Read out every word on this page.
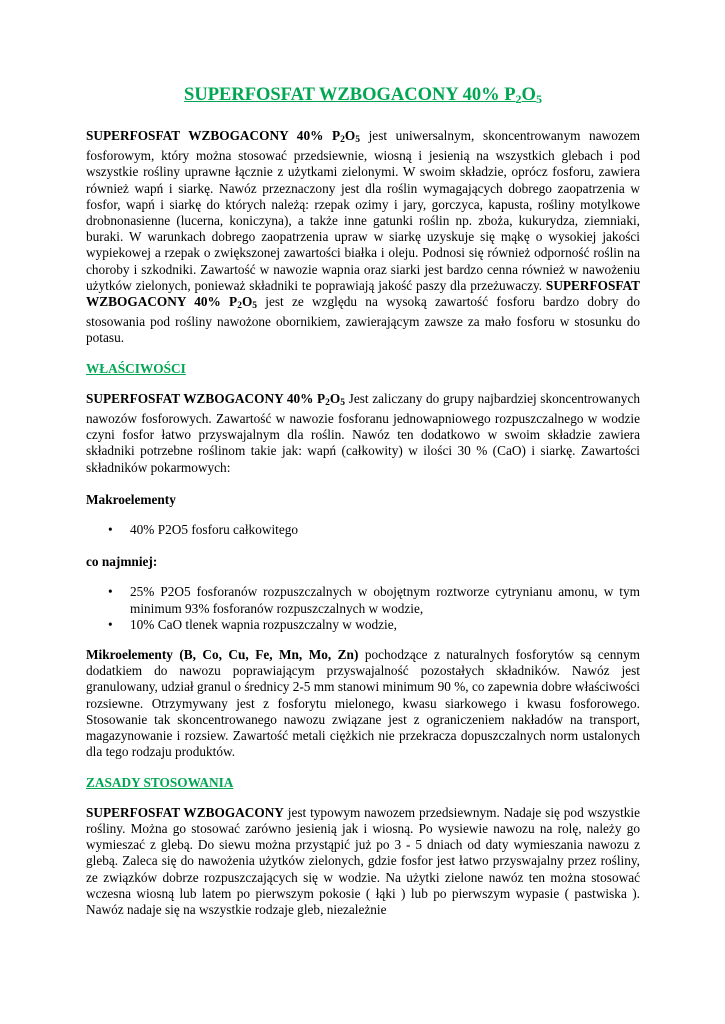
SUPERFOSFAT WZBOGACONY 40% $P_2O_5$

SUPERFOSFAT WZBOGACONY 40% $P_2O_5$ jest uniwersalnym, skoncentrowanym nawozem fosforowym, który można stosować przedsiewnie, wiosną i jesienią na wszystkich glebach i pod wszystkie rośliny uprawne łącznie z użytkami zielonymi. W swoim składzie, oprócz fosforu, zawiera również wapń i siarkę. Nawóz przeznaczony jest dla roślin wymagających dobrego zaopatrzenia w fosfor, wapń i siarkę do których należą: rzepak ozimy i jary, gorczyca, kapusta, rośliny motylkowe drobnonasienne (lucerna, koniczyna), a także inne gatunki roślin np. zboża, kukurydza, ziemniaki, buraki. W warunkach dobrego zaopatrzenia upraw w siarkę uzyskuje się mąkę o wysokiej jakości wypiekowej a rzepak o zwiększonej zawartości białka i oleju. Podnosi się również odporność roślin na choroby i szkodniki. Zawartość w nawozie wapnia oraz siarki jest bardzo cenna również w nawożeniu użytków zielonych, ponieważ składniki te poprawiają jakość paszy dla przeżuwaczy. SUPERFOSFAT WZBOGACONY 40% $P_2O_5$ jest ze względu na wysoką zawartość fosforu bardzo dobry do stosowania pod rośliny nawożone obornikiem, zawierającym zawsze za mało fosforu w stosunku do potasu.

WŁAŚCIWOŚCI

SUPERFOSFAT WZBOGACONY 40% $P_2O_5$ Jest zaliczany do grupy najbardziej skoncentrowanych nawozów fosforowych. Zawartość w nawozie fosforanu jednowapniowego rozpuszczalnego w wodzie czyni fosfor łatwo przyswajalnym dla roślin. Nawóz ten dodatkowo w swoim składzie zawiera składniki potrzebne roślinom takie jak: wapń (całkowity) w ilości 30 % (CaO) i siarkę. Zawartości składników pokarmowych:

Makroelementy
• 40% P2O5 fosforu całkowitego
co najmniej:
• 25% P2O5 fosforanów rozpuszczalnych w obojętnym roztworze cytrynianu amonu, w tym minimum 93% fosforanów rozpuszczalnych w wodzie,
• 10% CaO tlenek wapnia rozpuszczalny w wodzie,

Mikroelementy (B, Co, Cu, Fe, Mn, Mo, Zn) pochodzące z naturalnych fosforytów są cennym dodatkiem do nawozu poprawiającym przyswajalność pozostałych składników. Nawóz jest granulowany, udział granul o średnicy 2-5 mm stanowi minimum 90 %, co zapewnia dobre właściwości rozsiewne. Otrzymywany jest z fosforytu mielonego, kwasu siarkowego i kwasu fosforowego. Stosowanie tak skoncentrowanego nawozu związane jest z ograniczeniem nakładów na transport, magazynowanie i rozsiew. Zawartość metali ciężkich nie przekracza dopuszczalnych norm ustalonych dla tego rodzaju produktów.

ZASADY STOSOWANIA

SUPERFOSFAT WZBOGACONY jest typowym nawozem przedsiewnym. Nadaje się pod wszystkie rośliny. Można go stosować zarówno jesienią jak i wiosną. Po wysiewie nawozu na rolę, należy go wymieszać z glebą. Do siewu można przystąpić już po 3 - 5 dniach od daty wymieszania nawozu z glebą. Zaleca się do nawożenia użytków zielonych, gdzie fosfor jest łatwo przyswajalny przez rośliny, ze związków dobrze rozpuszczających się w wodzie. Na użytki zielone nawóz ten można stosować wczesna wiosną lub latem po pierwszym pokosie ( łąki ) lub po pierwszym wypasie ( pastwiska ). Nawóz nadaje się na wszystkie rodzaje gleb, niezależnie
